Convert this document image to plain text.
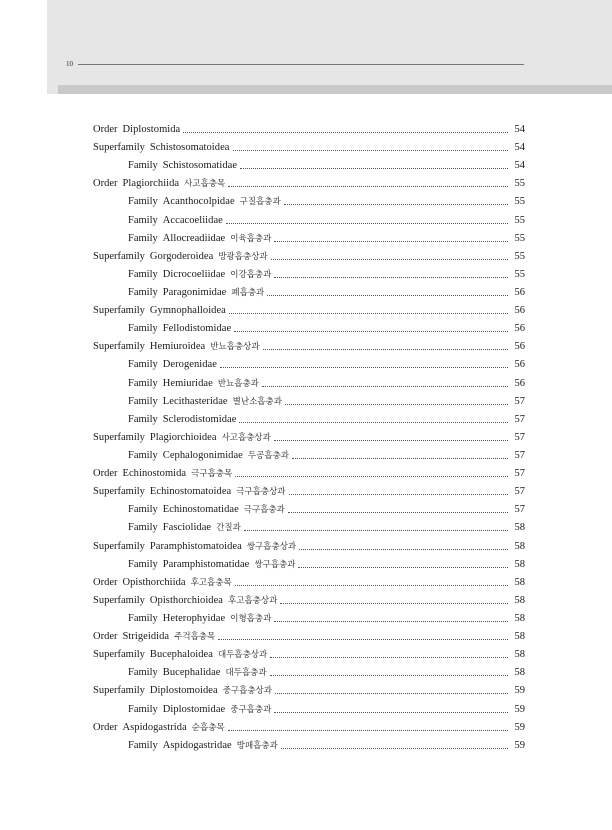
10
Order Diplostomida	54
Superfamily Schistosomatoidea	54
Family Schistosomatidae	54
Order Plagiorchiida 사고흡충목	55
Family Acanthocolpidae 구질흡충과	55
Family Accacoeliidae	55
Family Allocreadiidae 이육흡충과	55
Superfamily Gorgoderoidea 방광흡충상과	55
Family Dicrocoeliidae 이강흡충과	55
Family Paragonimidae 폐흡충과	56
Superfamily Gymnophalloidea	56
Family Fellodistomidae	56
Superfamily Hemiuroidea 반뇨흡충상과	56
Family Derogenidae	56
Family Hemiuridae 반뇨흡충과	56
Family Lecithasteridae 별난소흡충과	57
Family Sclerodistomidae	57
Superfamily Plagiorchioidea 사고흡충상과	57
Family Cephalogonimidae 두공흡충과	57
Order Echinostomida 극구흡충목	57
Superfamily Echinostomatoidea 극구흡충상과	57
Family Echinostomatidae 극구흡충과	57
Family Fasciolidae 간질과	58
Superfamily Paramphistomatoidea 쌍구흡충상과	58
Family Paramphistomatidae 쌍구흡충과	58
Order Opisthorchiida 후고흡충목	58
Superfamily Opisthorchioidea 후고흡충상과	58
Family Heterophyidae 이형흡충과	58
Order Strigeidida 주걱흡충목	58
Superfamily Bucephaloidea 대두흡충상과	58
Family Bucephalidae 대두흡충과	58
Superfamily Diplostomoidea 중구흡충상과	59
Family Diplostomidae 중구흡충과	59
Order Aspidogastrida 순흡충목	59
Family Aspidogastridae 방패흡충과	59
